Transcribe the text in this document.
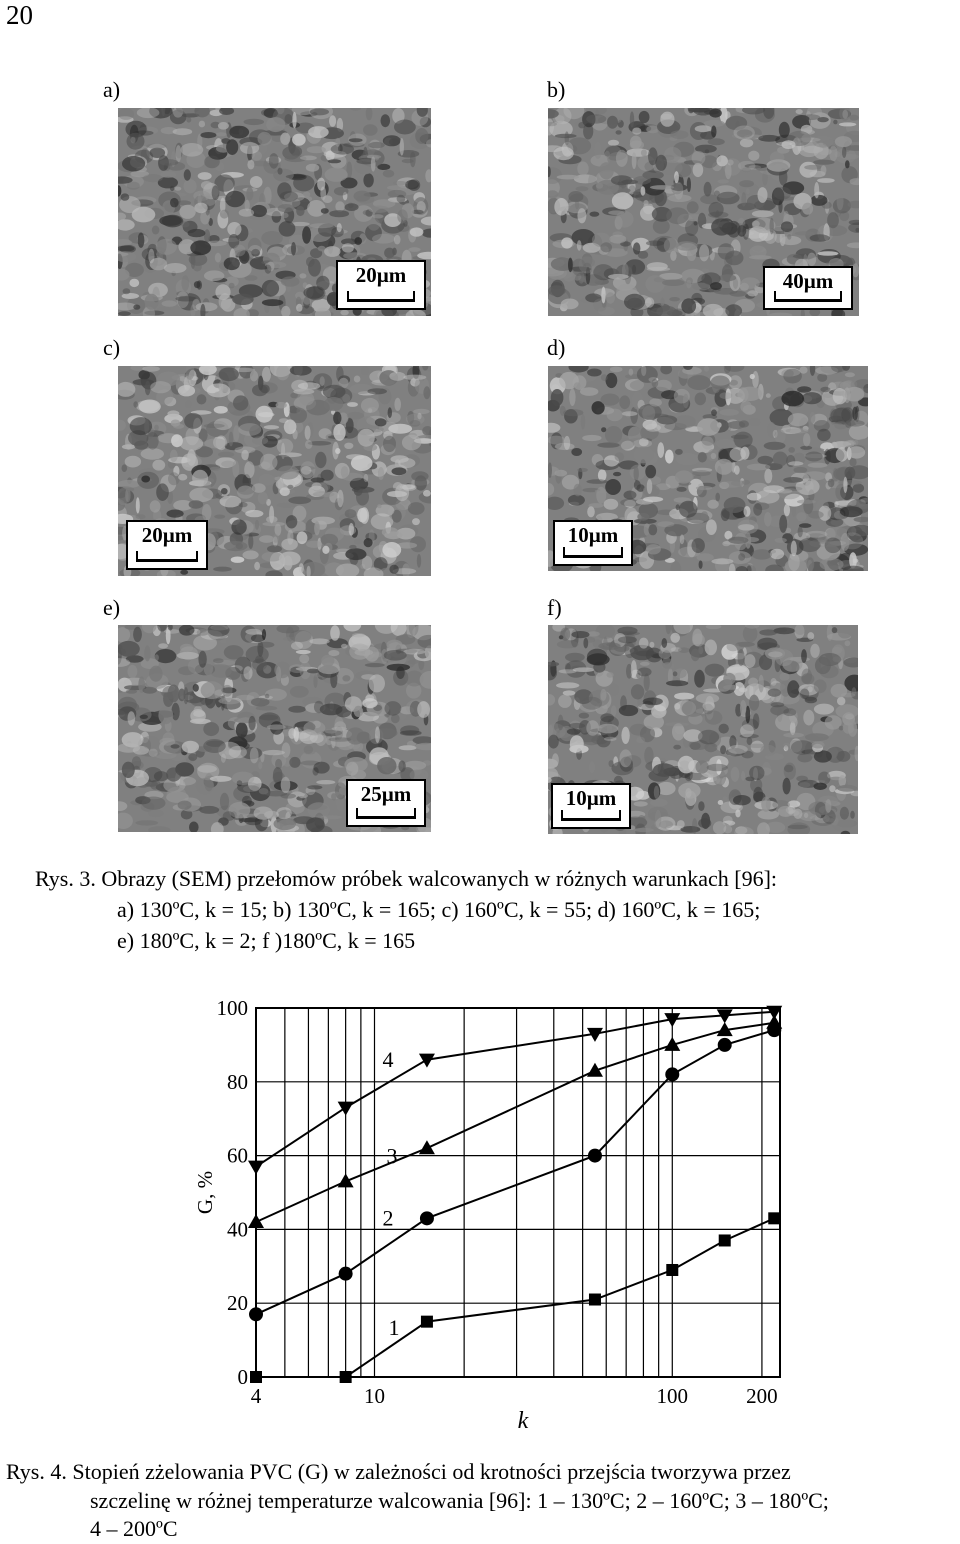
20
a)	b)
c)	d)
e)	f)
20µm	40µm
20µm	10µm
25µm	10µm
Rys. 3. Obrazy (SEM) przełomów próbek walcowanych w różnych warunkach [96]:
a) 130ºC, k = 15; b) 130ºC, k = 165; c) 160ºC, k = 55; d) 160ºC, k = 165;
e) 180ºC, k = 2; f )180ºC, k = 165
0
20
40
60
80
100
4	10	100	200
k
G, %
1
2
3
4
Rys. 4. Stopień zżelowania PVC (G) w zależności od krotności przejścia tworzywa przez
szczelinę w różnej temperaturze walcowania [96]: 1 – 130ºC; 2 – 160ºC; 3 – 180ºC;
4 – 200ºC
